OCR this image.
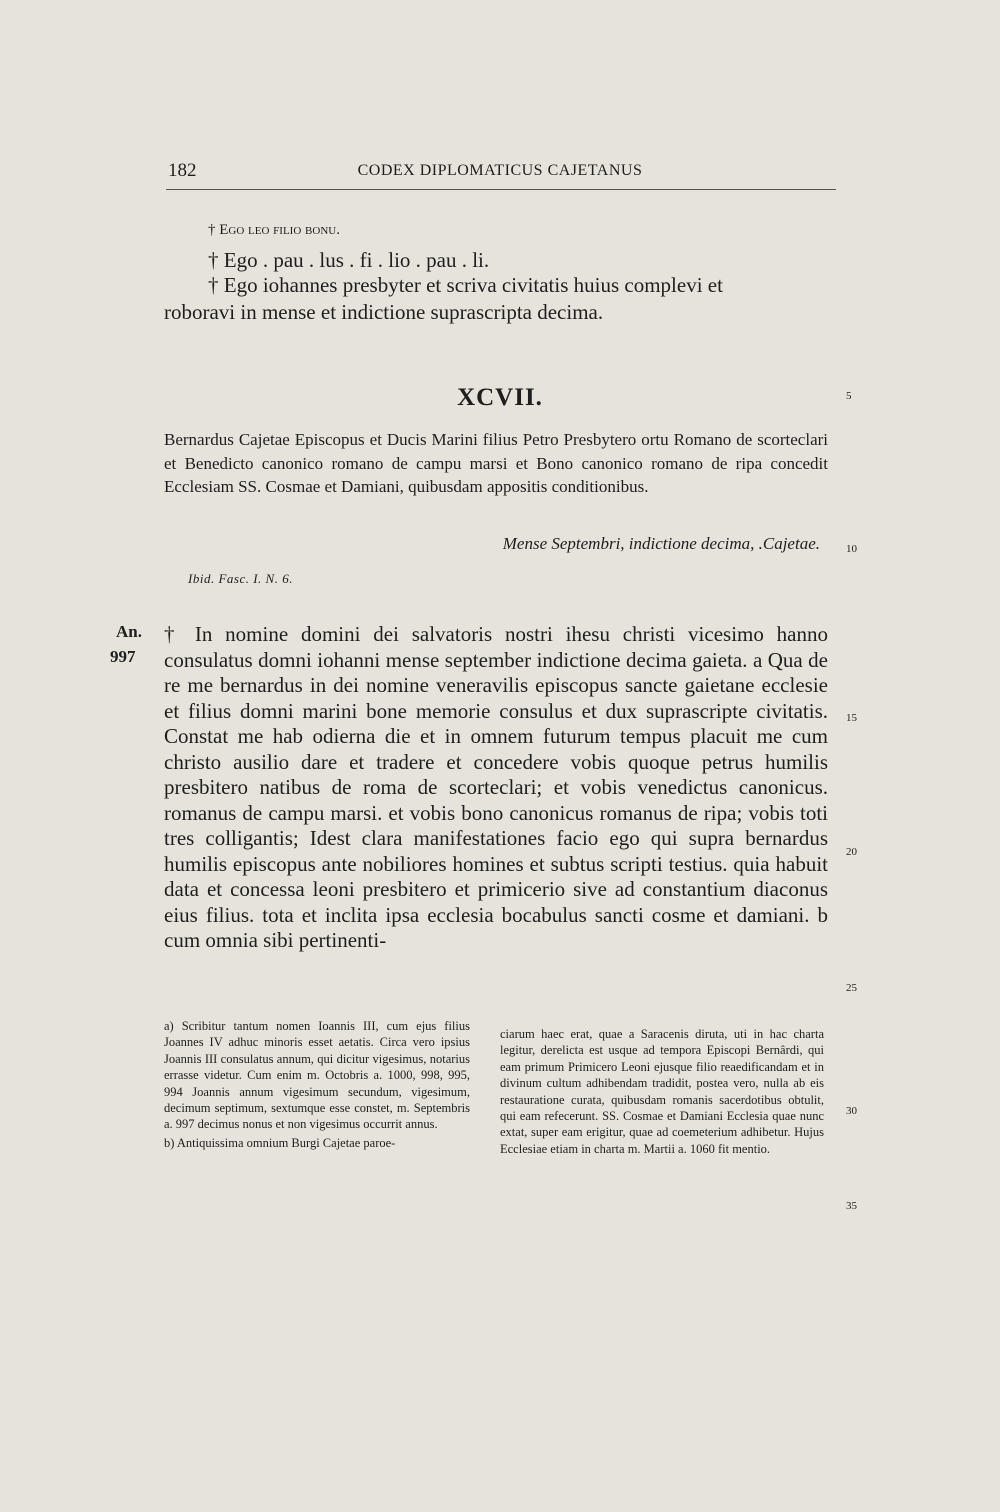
182	CODEX DIPLOMATICUS CAJETANUS
† Ego leo filio bonu.
† Ego . pau . lus . fi . lio . pau . li.
† Ego iohannes presbyter et scriva civitatis huius complevi et
roboravi in mense et indictione suprascripta decima.
XCVII.
Bernardus Cajetae Episcopus et Ducis Marini filius Petro Presbytero ortu Romano de scorteclari et Benedicto canonico romano de campu marsi et Bono canonico romano de ripa concedit Ecclesiam SS. Cosmae et Damiani, quibusdam appositis conditionibus.
Mense Septembri, indictione decima, .Cajetae.
Ibid. Fasc. I. N. 6.
An.
997
† In nomine domini dei salvatoris nostri ihesu christi vicesimo hanno consulatus domni iohanni mense september indictione decima gaieta. a Qua de re me bernardus in dei nomine veneravilis episcopus sancte gaietane ecclesie et filius domni marini bone memorie consulus et dux suprascripte civitatis. Constat me hab odierna die et in omnem futurum tempus placuit me cum christo ausilio dare et tradere et concedere vobis quoque petrus humilis presbitero natibus de roma de scorteclari; et vobis venedictus canonicus. romanus de campu marsi. et vobis bono canonicus romanus de ripa; vobis toti tres colligantis; Idest clara manifestationes facio ego qui supra bernardus humilis episcopus ante nobiliores homines et subtus scripti testius. quia habuit data et concessa leoni presbitero et primicerio sive ad constantium diaconus eius filius. tota et inclita ipsa ecclesia bocabulus sancti cosme et damiani. b cum omnia sibi pertinenti-

a) Scribitur tantum nomen Ioannis III, cum ejus filius Joannes IV adhuc minoris esset aetatis. Circa vero ipsius Joannis III consulatus annum, qui dicitur vigesimus, notarius errasse videtur. Cum enim m. Octobris a. 1000, 998, 995, 994 Joannis annum vigesimum secundum, vigesimum, decimum septimum, sextumque esse constet, m. Septembris a. 997 decimus nonus et non vigesimus occurrit annus.

b) Antiquissima omnium Burgi Cajetae paroe-

ciarum haec erat, quae a Saracenis diruta, uti in hac charta legitur, derelicta est usque ad tempora Episcopi Bernârdi, qui eam primum Primicero Leoni ejusque filio reaedificandam et in divinum cultum adhibendam tradidit, postea vero, nulla ab eis restauratione curata, quibusdam romanis sacerdotibus obtulit, qui eam refecerunt. SS. Cosmae et Damiani Ecclesia quae nunc extat, super eam erigitur, quae ad coemeterium adhibetur. Hujus Ecclesiae etiam in charta m. Martii a. 1060 fit mentio.

5
10
15
20
25
30
35
